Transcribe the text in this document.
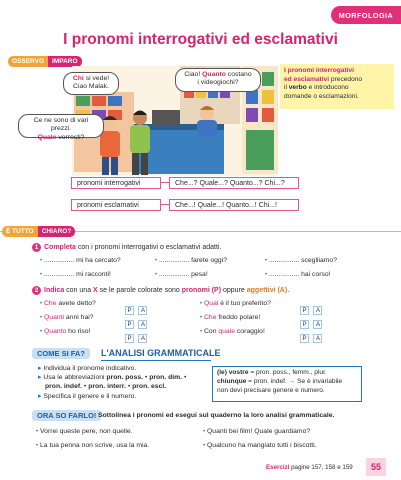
MORFOLOGIA
I pronomi interrogativi ed esclamativi
OSSERVO	IMPARO
Chi si vede!
Ciao Malak.
Ciao! Quanto costano
i videogiochi?
Ce ne sono di vari prezzi.
Quale vorresti?
I pronomi interrogativi
ed esclamativi precedono
il verbo e introducono
domande o esclamazioni.
pronomi interrogativi	Che...? Quale...? Quanto...? Chi...?
pronomi esclamativi	Che...! Quale...! Quanto...! Chi...!
È TUTTO	CHIARO?
1 Completa con i pronomi interrogativi o esclamativi adatti.
• ................ mi ha cercato?	• ................ farete oggi?	• ................ sceglliamo?
• ................ mi racconti!	• ................ pesa!	• ................ hai corso!
2 Indica con una X se le parole colorate sono pronomi (P) oppure aggettivi (A).
• Che avete detto?
P A
• Quanti anni hai?
P A
• Quanto ho riso!
P A
• Qual è il tuo preferito?
P A
• Che freddo polare!
P A
• Con quale coraggio!
P A
COME SI FA?	L'ANALISI GRAMMATICALE
▸ Individua il pronome indicativo.
▸ Usa le abbreviazioni pron. poss. • pron. dim. •
pron. indef. • pron. interr. • pron. escl.
▸ Specifica il genere e il numero.
(le) vostre = pron. poss., femm., plur.
chiunque = pron. indef. → Se è invariabile
non devi precisare genere e numero.
ORA SO FARLO! Sottolinea i pronomi ed esegui sul quaderno la loro analisi grammaticale.
• Vorrei queste pere, non quelle.	• Quanti bei film! Quale guardiamo?
• La tua penna non scrive, usa la mia.	• Qualcuno ha mangiato tutti i biscotti.
Esercizi pagine 157, 158 e 159	55
